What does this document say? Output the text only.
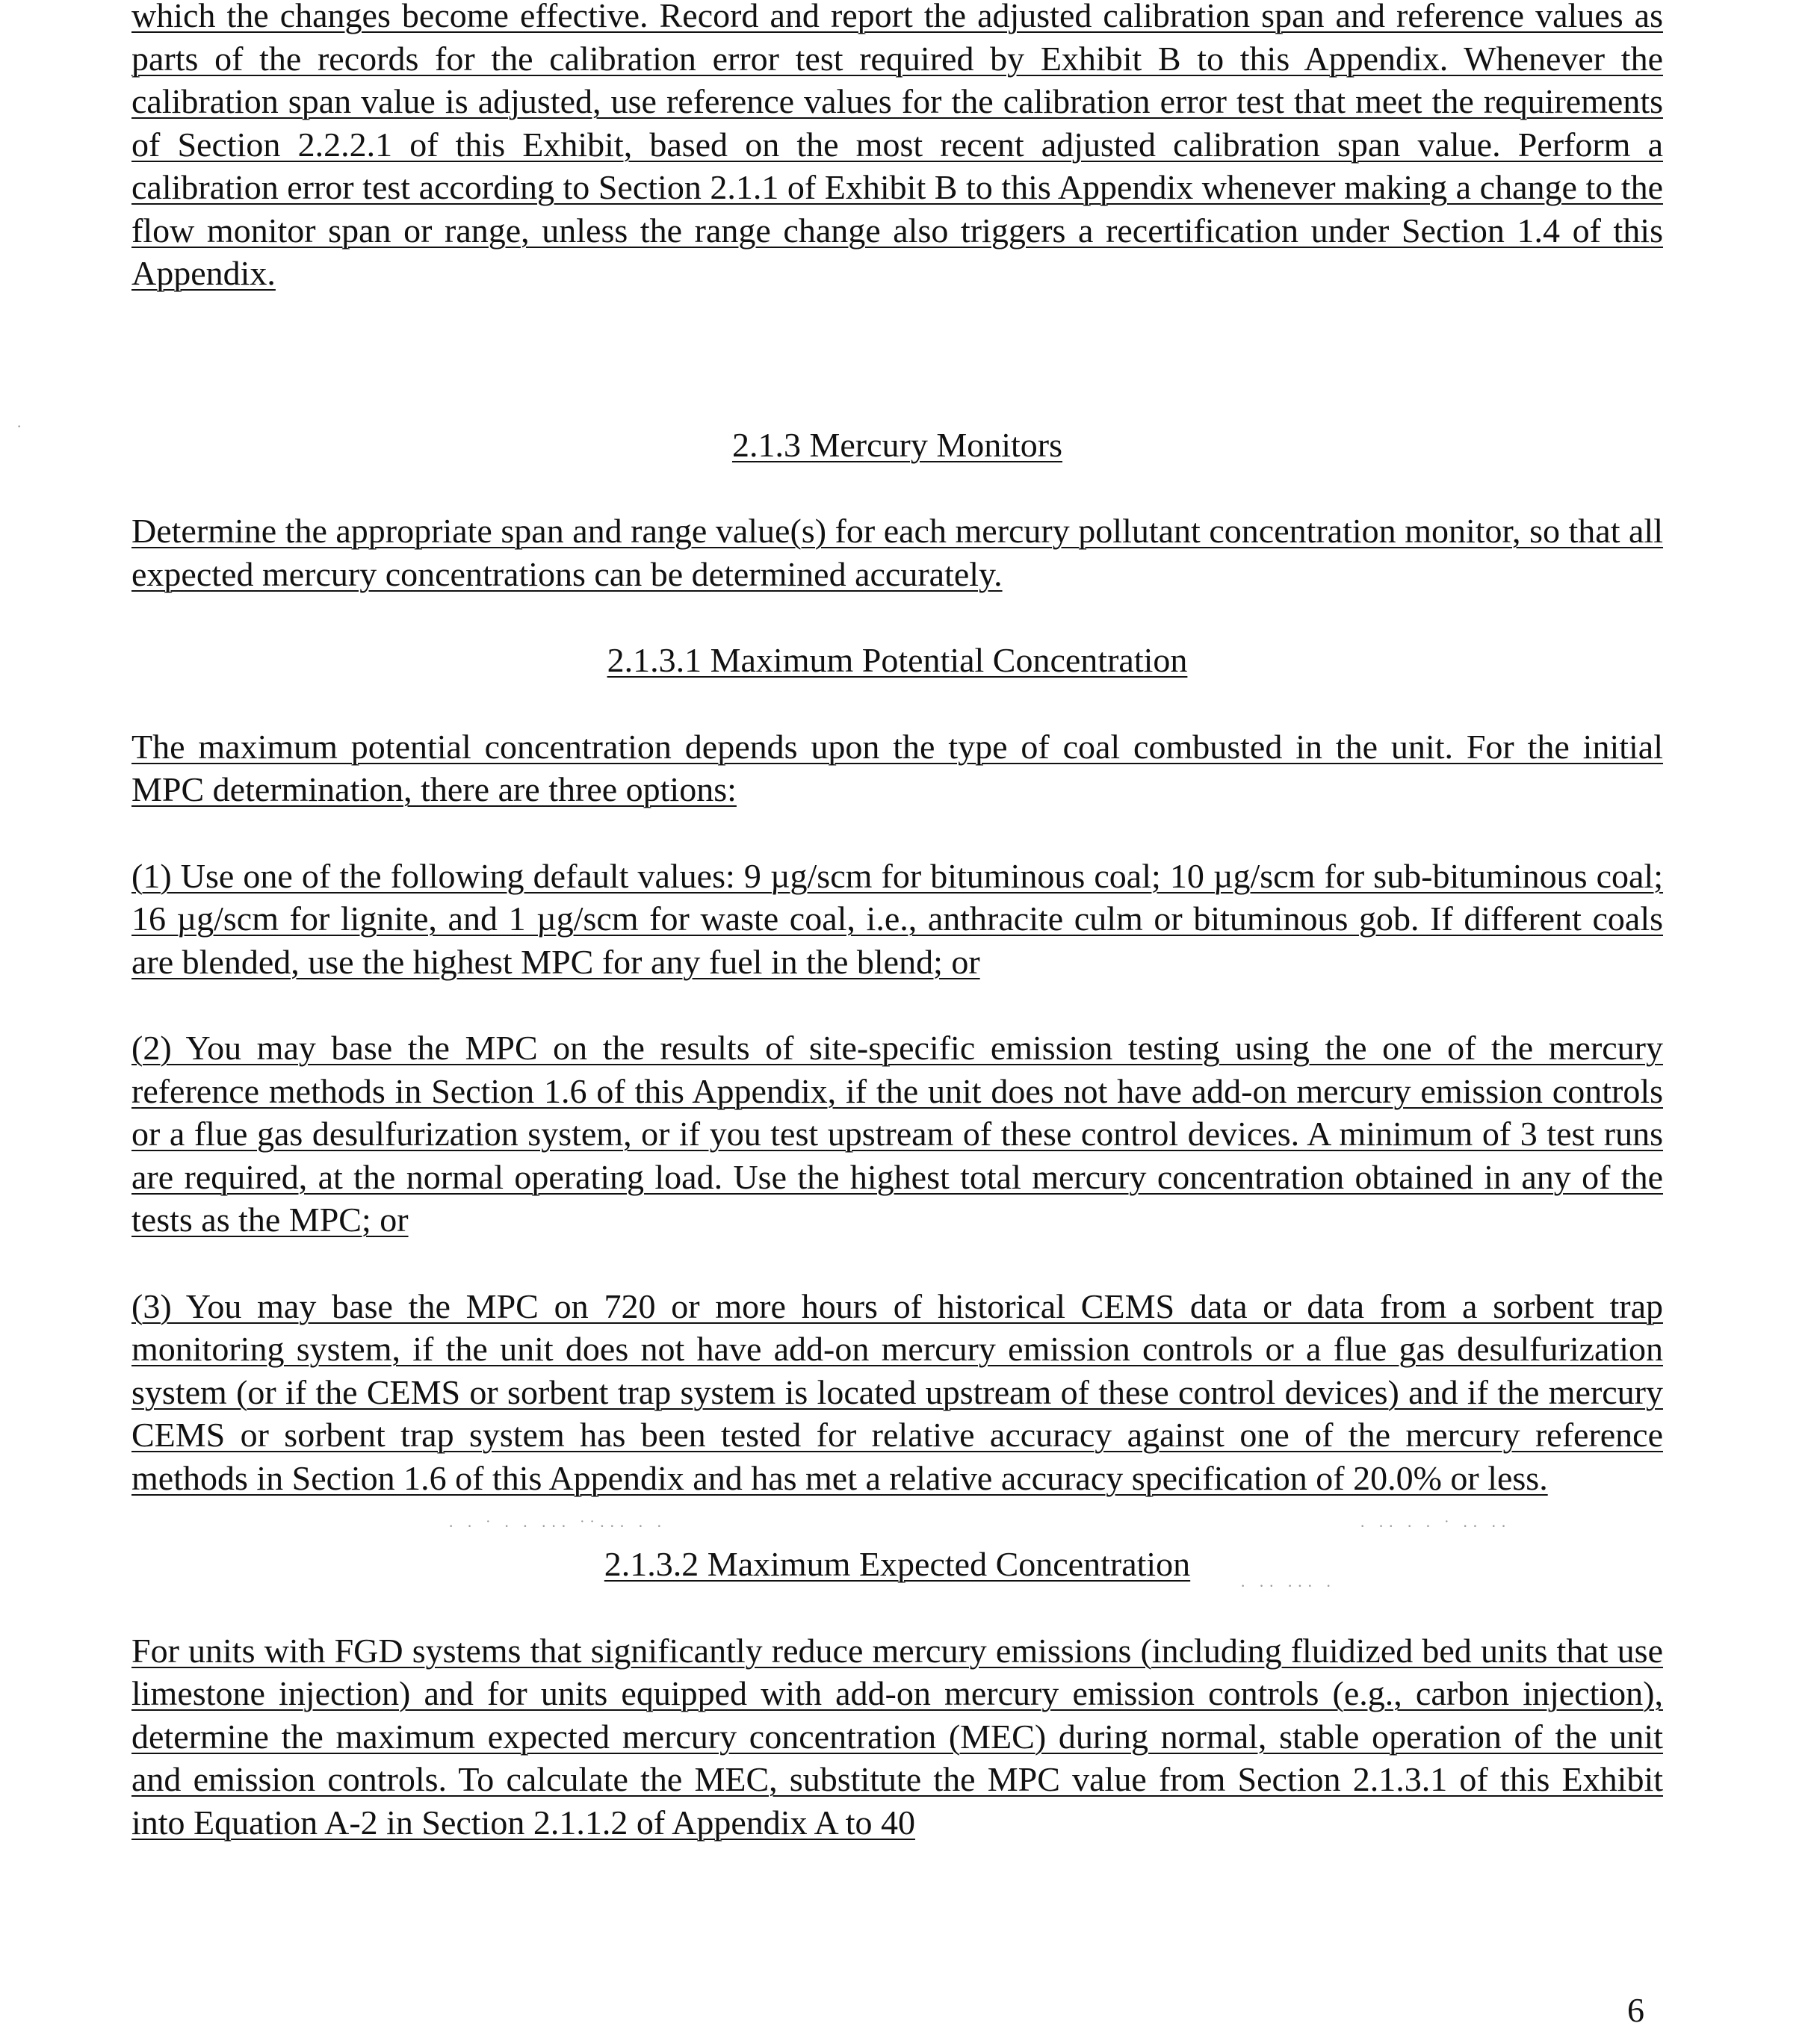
which the changes become effective. Record and report the adjusted calibration span and reference values as parts of the records for the calibration error test required by Exhibit B to this Appendix. Whenever the calibration span value is adjusted, use reference values for the calibration error test that meet the requirements of Section 2.2.2.1 of this Exhibit, based on the most recent adjusted calibration span value. Perform a calibration error test according to Section 2.1.1 of Exhibit B to this Appendix whenever making a change to the flow monitor span or range, unless the range change also triggers a recertification under Section 1.4 of this Appendix.

2.1.3 Mercury Monitors

Determine the appropriate span and range value(s) for each mercury pollutant concentration monitor, so that all expected mercury concentrations can be determined accurately.

2.1.3.1 Maximum Potential Concentration

The maximum potential concentration depends upon the type of coal combusted in the unit. For the initial MPC determination, there are three options:

(1) Use one of the following default values: 9 µg/scm for bituminous coal; 10 µg/scm for sub-bituminous coal; 16 µg/scm for lignite, and 1 µg/scm for waste coal, i.e., anthracite culm or bituminous gob. If different coals are blended, use the highest MPC for any fuel in the blend; or

(2) You may base the MPC on the results of site-specific emission testing using the one of the mercury reference methods in Section 1.6 of this Appendix, if the unit does not have add-on mercury emission controls or a flue gas desulfurization system, or if you test upstream of these control devices. A minimum of 3 test runs are required, at the normal operating load. Use the highest total mercury concentration obtained in any of the tests as the MPC; or

(3) You may base the MPC on 720 or more hours of historical CEMS data or data from a sorbent trap monitoring system, if the unit does not have add-on mercury emission controls or a flue gas desulfurization system (or if the CEMS or sorbent trap system is located upstream of these control devices) and if the mercury CEMS or sorbent trap system has been tested for relative accuracy against one of the mercury reference methods in Section 1.6 of this Appendix and has met a relative accuracy specification of 20.0% or less.

2.1.3.2 Maximum Expected Concentration

For units with FGD systems that significantly reduce mercury emissions (including fluidized bed units that use limestone injection) and for units equipped with add-on mercury emission controls (e.g., carbon injection), determine the maximum expected mercury concentration (MEC) during normal, stable operation of the unit and emission controls. To calculate the MEC, substitute the MPC value from Section 2.1.3.1 of this Exhibit into Equation A-2 in Section 2.1.1.2 of Appendix A to 40

· · ˙ · · ··· ˙˙··· · ·	· ·· · · ˙ ·· ··
· ·· ··· ·
·
6
